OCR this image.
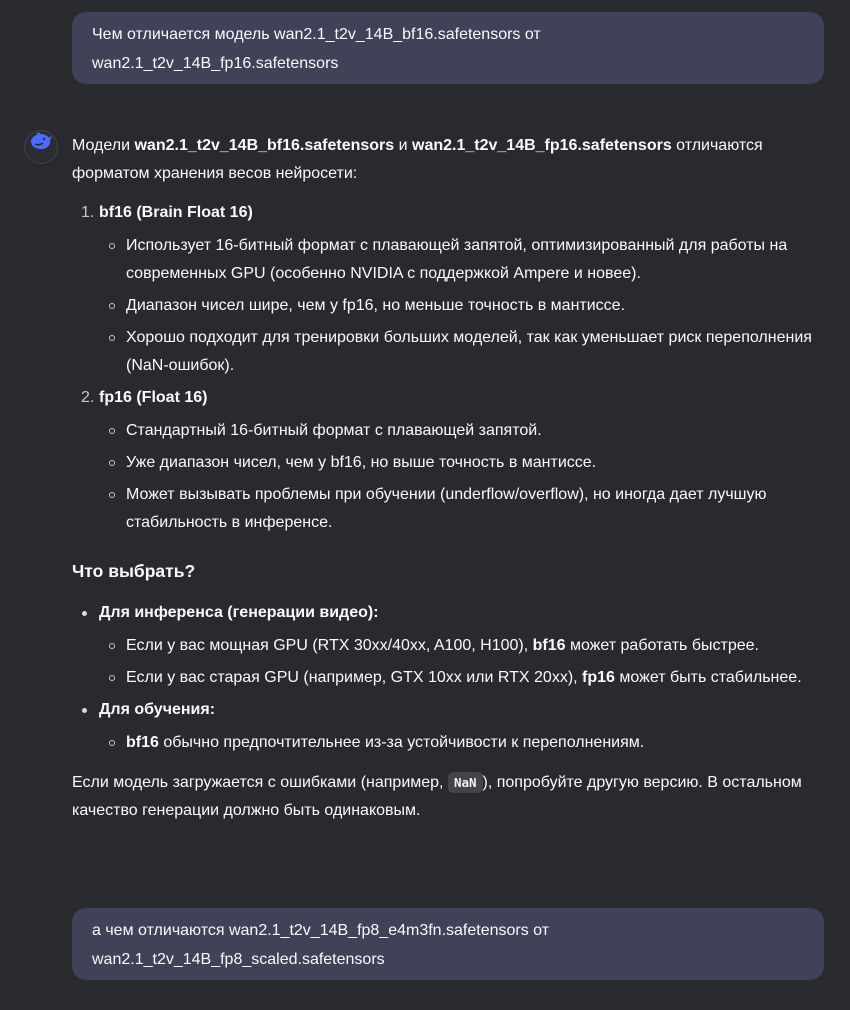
Чем отличается модель wan2.1_t2v_14B_bf16.safetensors от
wan2.1_t2v_14B_fp16.safetensors

Модели wan2.1_t2v_14B_bf16.safetensors и wan2.1_t2v_14B_fp16.safetensors отличаются форматом хранения весов нейросети:

1. bf16 (Brain Float 16)
Использует 16-битный формат с плавающей запятой, оптимизированный для работы на современных GPU (особенно NVIDIA с поддержкой Ampere и новее).
Диапазон чисел шире, чем у fp16, но меньше точность в мантиссе.
Хорошо подходит для тренировки больших моделей, так как уменьшает риск переполнения (NaN-ошибок).
2. fp16 (Float 16)
Стандартный 16-битный формат с плавающей запятой.
Уже диапазон чисел, чем у bf16, но выше точность в мантиссе.
Может вызывать проблемы при обучении (underflow/overflow), но иногда дает лучшую стабильность в инференсе.
Что выбрать?
Для инференса (генерации видео):
Если у вас мощная GPU (RTX 30xx/40xx, A100, H100), bf16 может работать быстрее.
Если у вас старая GPU (например, GTX 10xx или RTX 20xx), fp16 может быть стабильнее.
Для обучения:
bf16 обычно предпочтительнее из-за устойчивости к переполнениям.

Если модель загружается с ошибками (например, NaN ), попробуйте другую версию. В остальном качество генерации должно быть одинаковым.

а чем отличаются wan2.1_t2v_14B_fp8_e4m3fn.safetensors от
wan2.1_t2v_14B_fp8_scaled.safetensors
